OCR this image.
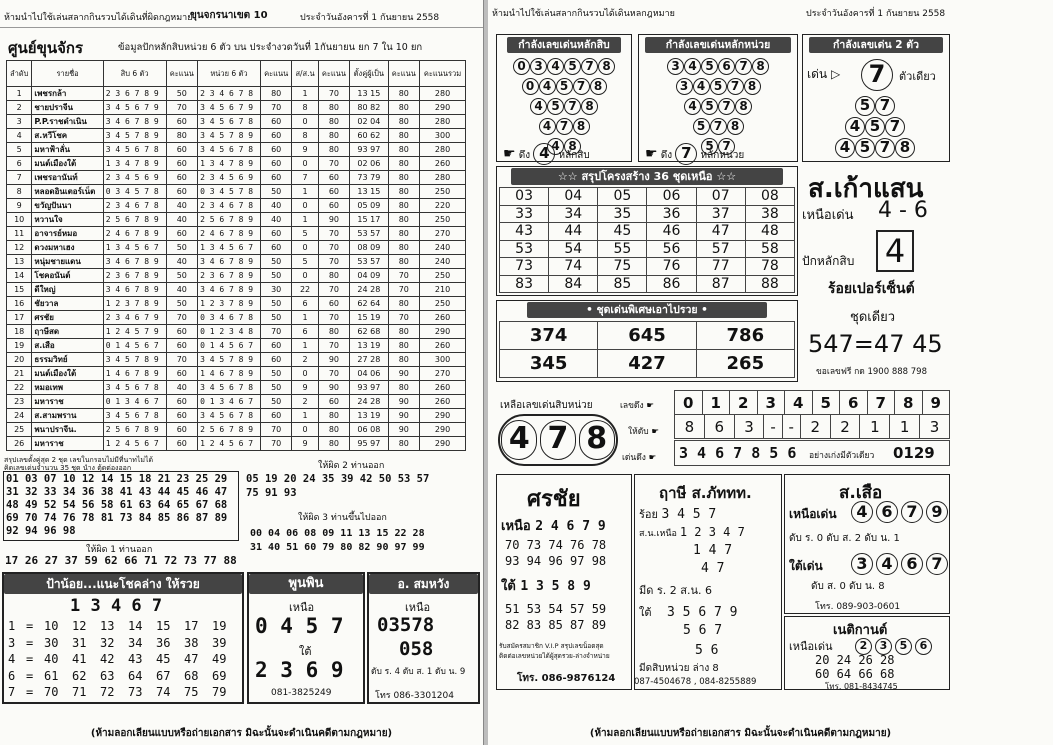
ห้ามนำไปใช้เล่นสลากกินรวบได้เดินที่ผิดกฎหมาย
ขุนจกรนาเขต 10	ประจำวันอังคารที่ 1 กันยายน 2558
ศูนย์ขุนจักร	ข้อมูลปักหลักสิบหน่วย 6 ตัว บน ประจำงวดวันที่ 1กันยายน ยก 7 ใน 10 ยก
ลำดับ	รายชื่อ	สิบ 6 ตัว	คะแนน	หน่วย 6 ตัว	คะแนน	ส/ส.น	คะแนน	ตั้งคู่ผู้เป็น	คะแนน	คะแนนรวม
1	เพชรกล้า	2 3 6 7 8 9	50	2 3 4 6 7 8	80	1	70	13 15	80	280
2	ชายปราจีน	3 4 5 6 7 9	70	3 4 5 6 7 9	70	8	80	80 82	80	290
3	P.P.ราชดำเนิน	3 4 6 7 8 9	60	3 4 5 6 7 8	60	0	80	02 04	80	280
4	ส.หวีโชค	3 4 5 7 8 9	80	3 4 5 7 8 9	60	8	80	60 62	80	300
5	มหาฟ้าลั่น	3 4 5 6 7 8	60	3 4 5 6 7 8	60	9	80	93 97	80	280
6	มนต์เมืองใต้	1 3 4 7 8 9	60	1 3 4 7 8 9	60	0	70	02 06	80	260
7	เพชรอานันท์	2 3 4 5 6 9	60	2 3 4 5 6 9	60	7	60	73 79	80	280
8	หลอดอินเตอร์เน็ต	0 3 4 5 7 8	60	0 3 4 5 7 8	50	1	60	13 15	80	250
9	ขวัญปันนา	2 3 4 6 7 8	40	2 3 4 6 7 8	40	0	60	05 09	80	220
10	หวานใจ	2 5 6 7 8 9	40	2 5 6 7 8 9	40	1	90	15 17	80	250
11	อาจารย์หมอ	2 4 6 7 8 9	60	2 4 6 7 8 9	60	5	70	53 57	80	270
12	ดวงมหาเฮง	1 3 4 5 6 7	50	1 3 4 5 6 7	60	0	70	08 09	80	240
13	หนุ่มชายแดน	3 4 6 7 8 9	40	3 4 6 7 8 9	50	5	70	53 57	80	240
14	โชคอนันต์	2 3 6 7 8 9	50	2 3 6 7 8 9	50	0	80	04 09	70	250
15	ดีใหญ่	3 4 6 7 8 9	40	3 4 6 7 8 9	30	22	70	24 28	70	210
16	ชัยวาล	1 2 3 7 8 9	50	1 2 3 7 8 9	50	6	60	62 64	80	250
17	ศรชัย	2 3 4 6 7 9	70	0 3 4 6 7 8	50	1	70	15 19	70	260
18	ฤาษีสด	1 2 4 5 7 9	60	0 1 2 3 4 8	70	6	80	62 68	80	290
19	ส.เสือ	0 1 4 5 6 7	60	0 1 4 5 6 7	60	1	70	13 19	80	260
20	ธรรมวิทย์	3 4 5 7 8 9	70	3 4 5 7 8 9	60	2	90	27 28	80	300
21	มนต์เมืองใต้	1 4 6 7 8 9	60	1 4 6 7 8 9	50	0	70	04 06	90	270
22	หมอเทพ	3 4 5 6 7 8	40	3 4 5 6 7 8	50	9	90	93 97	80	260
23	มหาราช	0 1 3 4 6 7	60	0 1 3 4 6 7	50	2	60	24 28	90	260
24	ส.สามพราน	3 4 5 6 7 8	60	3 4 5 6 7 8	60	1	80	13 19	90	290
25	พนาปราจีน.	2 5 6 7 8 9	60	2 5 6 7 8 9	70	0	80	06 08	90	290
26	มหาราช	1 2 4 5 6 7	60	1 2 4 5 6 7	70	9	80	95 97	80	290
สรุปเลขตั้งคู่สุด 2 ชุด เลขในกรอบไม่มีที่นาทไม่ได้
คิดเลขเด่นจำนวน 35 ชุด นำง ตุ้ดต่องออก
01 03 07 10 12 14 15 18 21 23 25 29
31 32 33 34 36 38 41 43 44 45 46 47
48 49 52 54 56 58 61 63 64 65 67 68
69 70 74 76 78 81 73 84 85 86 87 89
92 94 96 98
ให้ผิด 2 ท่านออก
05 19 20 24 35 39 42 50 53 57
75 91 93
ให้ผิด 3 ท่านขึ้นไปออก
00 04 06 08 09 11 13 15 22 28
31 40 51 60 79 80 82 90 97 99
ให้ผิด 1 ท่านออก
17 26 27 37 59 62 66 71 72 73 77 88
ป้าน้อย...แนะโชคล่าง ให้รวย
1 3 4 6 7
1 = 10 12 13 14 15 17 19
3 = 30 31 32 34 36 38 39
4 = 40 41 42 43 45 47 49
6 = 61 62 63 64 67 68 69
7 = 70 71 72 73 74 75 79
พูนพิน
เหนือ
0 4 5 7
ใต้
2 3 6 9
081-3825249
อ. สมหวัง
เหนือ
03578
058
ดับ ร. 4 ดับ ส. 1 ดับ น. 9
โทร 086-3301204
(ห้ามลอกเลียนแบบหรือถ่ายเอกสาร มิฉะนั้นจะดำเนินคดีตามกฎหมาย)
ห้ามนำไปใช้เล่นสลากกินรวบได้เดินหลกฎหมาย	ประจำวันอังคารที่ 1 กันยายน 2558
กำลังเลขเด่นหลักสิบ
0 3 4 5 7 8
0 4 5 7 8
4 5 7 8
4 7 8
4 8
☛ ดึง 4 หลักสิบ
กำลังเลขเด่นหลักหน่วย
3 4 5 6 7 8
3 4 5 7 8
4 5 7 8
5 7 8
5 7
☛ ดึง 7 หลักหน่วย
กำลังเลขเด่น 2 ตัว
เด่น ▷	7	ตัวเดียว
5 7
4 5 7
4 5 7 8
☆☆ สรุปโครงสร้าง 36 ชุดเหนือ ☆☆
03	04	05	06	07	08
33	34	35	36	37	38
43	44	45	46	47	48
53	54	55	56	57	58
73	74	75	76	77	78
83	84	85	86	87	88
• ชุดเด่นพิเศษเอาไปรวย •
374	645	786
345	427	265
ส.เก้าแสน
เหนือเด่น 4 - 6
ปักหลักสิบ 4
ร้อยเปอร์เซ็นต์
ชุดเดียว
547=47 45
ขอเลขฟรี กด 1900 888 798
เหลือเลขเด่นสิบหน่วย
4 7 8
เลขดึง ☛
ให้ดับ ☛
เด่นดึง ☛
0	1	2	3	4	5	6	7	8	9
8	6	3	-	-	2	2	1	1	3
3 4 6 7 8 5 6 อย่างเก่งมีตัวเดียว 0129
ศรชัย
เหนือ 2 4 6 7 9
70 73 74 76 78
93 94 96 97 98
ใต้ 1 3 5 8 9
51 53 54 57 59
82 83 85 87 89
รับสมัครสมาชิก V.I.P สรุปเลขน็อตสุด
ติดต่อเลขหน่วยได้ผู้สุดรวย-ล่างจำหน่าย
โทร. 086-9876124
ฤาษี ส.ภัททท.
ร้อย 3 4 5 7
ส.น.เหนือ 1 2 3 4 7
1 4 7
4 7
มีด ร. 2 ส.น. 6
ใต้ 3 5 6 7 9
5 6 7
5 6
มีดสิบหน่วย ล่าง 8
087-4504678 , 084-8255889
ส.เสือ
เหนือเด่น	4 6 7 9
ดับ ร. 0 ดับ ส. 2 ดับ น. 1
ใต้เด่น	3 4 6 7
ดับ ส. 0 ดับ น. 8
โทร. 089-903-0601
เนติกานต์
เหนือเด่น	2 3 5 6
20 24 26 28
60 64 66 68
โทร. 081-8434745
(ห้ามลอกเลียนแบบหรือถ่ายเอกสาร มิฉะนั้นจะดำเนินคดีตามกฎหมาย)
